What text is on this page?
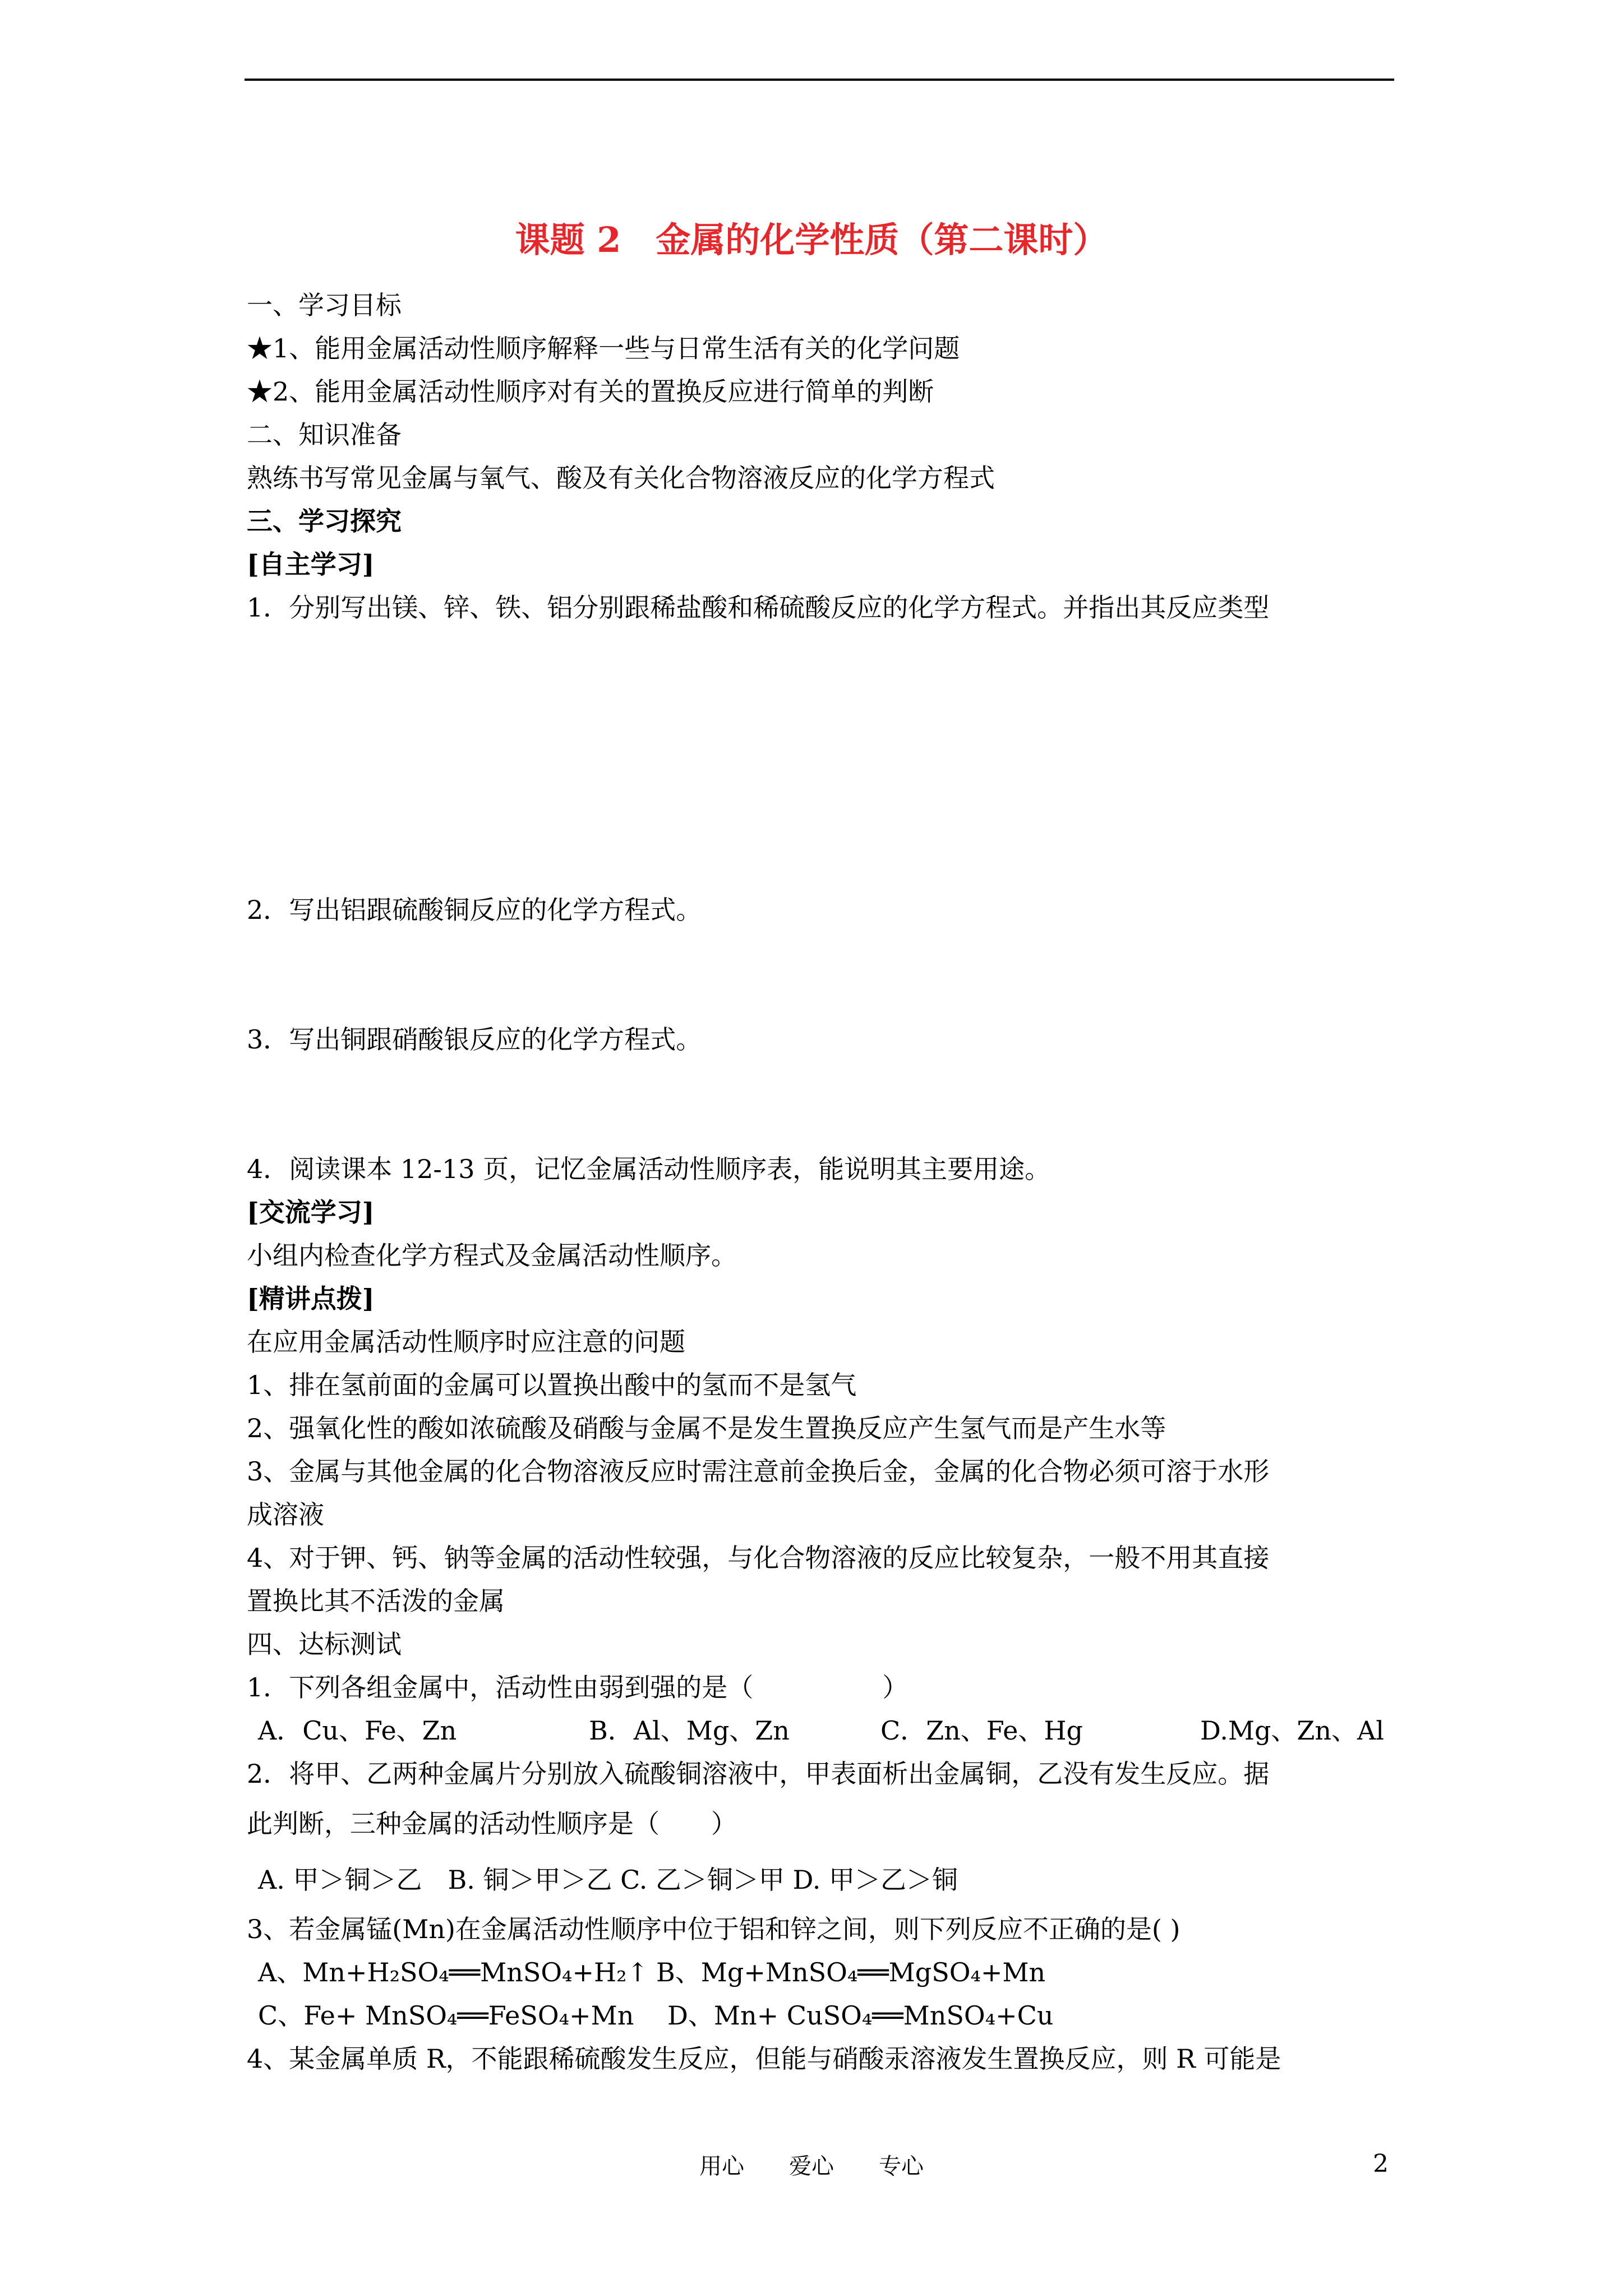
课题 2　金属的化学性质（第二课时）
一、学习目标
★1、能用金属活动性顺序解释一些与日常生活有关的化学问题
★2、能用金属活动性顺序对有关的置换反应进行简单的判断
二、知识准备
熟练书写常见金属与氧气、酸及有关化合物溶液反应的化学方程式
三、学习探究
[自主学习]
1．分别写出镁、锌、铁、铝分别跟稀盐酸和稀硫酸反应的化学方程式。并指出其反应类型
2．写出铝跟硫酸铜反应的化学方程式。
3．写出铜跟硝酸银反应的化学方程式。
4．阅读课本 12-13 页，记忆金属活动性顺序表，能说明其主要用途。
[交流学习]
小组内检查化学方程式及金属活动性顺序。
[精讲点拨]
在应用金属活动性顺序时应注意的问题
1、排在氢前面的金属可以置换出酸中的氢而不是氢气
2、强氧化性的酸如浓硫酸及硝酸与金属不是发生置换反应产生氢气而是产生水等
3、金属与其他金属的化合物溶液反应时需注意前金换后金，金属的化合物必须可溶于水形
成溶液
4、对于钾、钙、钠等金属的活动性较强，与化合物溶液的反应比较复杂，一般不用其直接
置换比其不活泼的金属
四、达标测试
1．下列各组金属中，活动性由弱到强的是（　　　　　）

A．Cu、Fe、Zn

	B．Al、Mg、Zn

	C．Zn、Fe、Hg

	D.Mg、Zn、Al

2．将甲、乙两种金属片分别放入硫酸铜溶液中，甲表面析出金属铜，乙没有发生反应。据
此判断，三种金属的活动性顺序是（　　）
A. 甲＞铜＞乙　B. 铜＞甲＞乙 C. 乙＞铜＞甲 D. 甲＞乙＞铜
3、若金属锰(Mn)在金属活动性顺序中位于铝和锌之间，则下列反应不正确的是( )

A、Mn+H₂SO₄══MnSO₄+H₂↑

B、Mg+MnSO₄══MgSO₄+Mn

C、Fe+ MnSO₄══FeSO₄+Mn

D、Mn+ CuSO₄══MnSO₄+Cu

4、某金属单质 R，不能跟稀硫酸发生反应，但能与硝酸汞溶液发生置换反应，则 R 可能是
用心　　爱心　　专心	2
